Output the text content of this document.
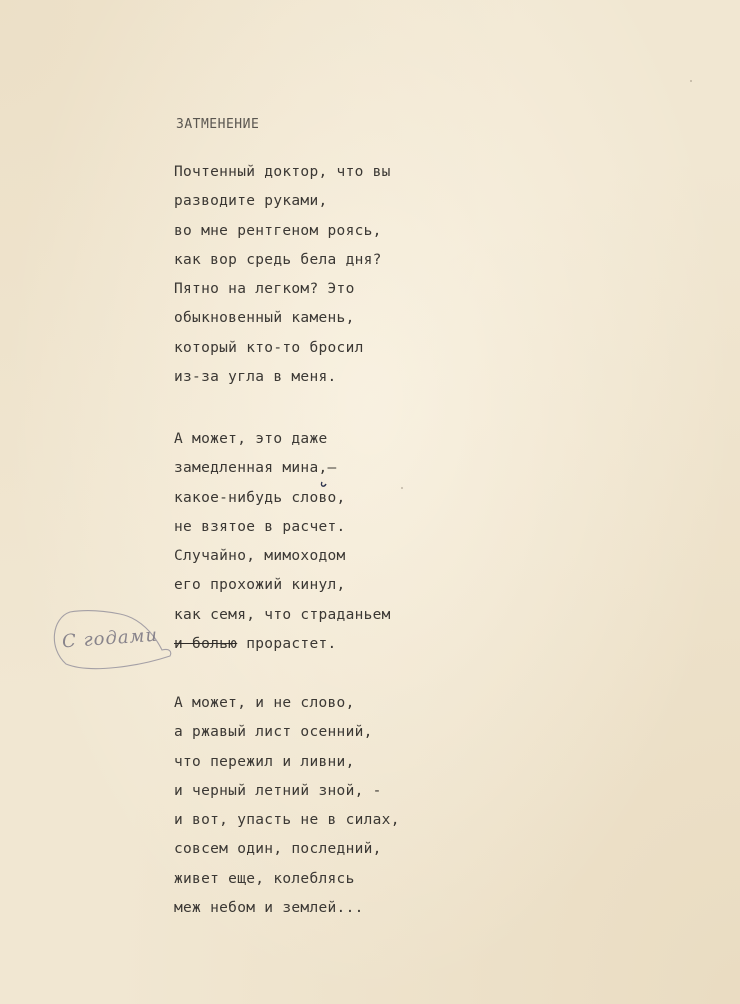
ЗАТМЕНЕНИЕ
Почтенный доктор, что вы
разводите руками,
во мне рентгеном роясь,
как вор средь бела дня?
Пятно на легком? Это
обыкновенный камень,
который кто-то бросил
из-за угла в меня.
А может, это даже
замедленная мина,—
какое-нибудь слово,
не взятое в расчет.
Случайно, мимоходом
его прохожий кинул,
как семя, что страданьем
и болью прорастет.
А может, и не слово,
а ржавый лист осенний,
что пережил и ливни,
и черный летний зной, -
и вот, упасть не в силах,
совсем один, последний,
живет еще, колеблясь
меж небом и землей...
С годами
